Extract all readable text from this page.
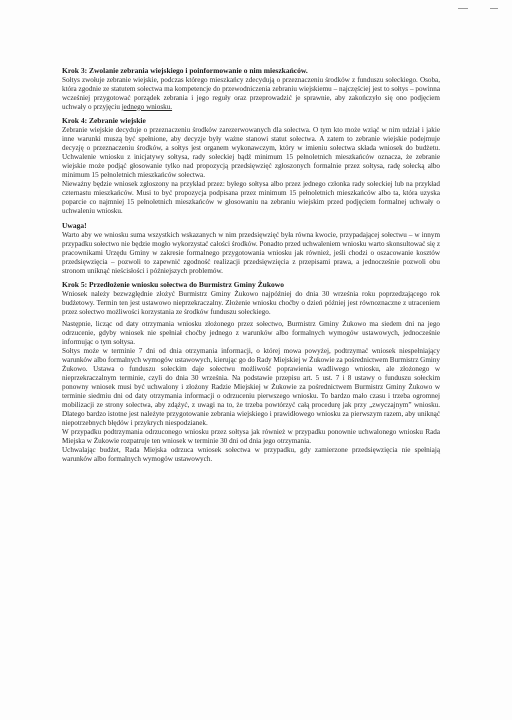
Krok 3: Zwolanie zebrania wiejskiego i poinformowanie o nim mieszkańców.

Sołtys zwołuje zebranie wiejskie, podczas którego mieszkańcy zdecydują o przeznaczeniu środków z funduszu sołeckiego. Osoba, która zgodnie ze statutem sołectwa ma kompetencje do przewodniczenia zebraniu wiejskiemu – najczęściej jest to sołtys – powinna wcześniej przygotować porządek zebrania i jego reguły oraz przeprowadzić je sprawnie, aby zakończyło się ono podjęciem uchwały o przyjęciu jednego wniosku.

Krok 4: Zebranie wiejskie

Zebranie wiejskie decyduje o przeznaczeniu środków zarezerwowanych dla sołectwa. O tym kto może wziąć w nim udział i jakie inne warunki muszą być spełnione, aby decyzje były ważne stanowi statut sołectwa. A zatem to zebranie wiejskie podejmuje decyzję o przeznaczeniu środków, a sołtys jest organem wykonawczym, który w imieniu sołectwa składa wniosek do budżetu. Uchwalenie wniosku z inicjatywy sołtysa, rady sołeckiej bądź minimum 15 pełnoletnich mieszkańców oznacza, że zebranie wiejskie może podjąć głosowanie tylko nad propozycją przedsięwzięć zgłoszonych formalnie przez sołtysa, radę sołecką albo minimum 15 pełnoletnich mieszkańców sołectwa.

Nieważny będzie wniosek zgłoszony na przykład przez: byłego sołtysa albo przez jednego członka rady sołeckiej lub na przykład czternastu mieszkańców. Musi to być propozycja podpisana przez minimum 15 pełnoletnich mieszkańców albo ta, która uzyska poparcie co najmniej 15 pełnoletnich mieszkańców w głosowaniu na zebraniu wiejskim przed podjęciem formalnej uchwały o uchwaleniu wniosku.

Uwaga!

Warto aby we wniosku suma wszystkich wskazanych w nim przedsięwzięć była równa kwocie, przypadającej sołectwu – w innym przypadku sołectwo nie będzie mogło wykorzystać całości środków. Ponadto przed uchwaleniem wniosku warto skonsultować się z pracownikami Urzędu Gminy w zakresie formalnego przygotowania wniosku jak również, jeśli chodzi o oszacowanie kosztów przedsięwzięcia – pozwoli to zapewnić zgodność realizacji przedsięwzięcia z przepisami prawa, a jednocześnie pozwoli obu stronom uniknąć nieścisłości i późniejszych problemów.

Krok 5: Przedłożenie wniosku sołectwa do Burmistrz Gminy Żukowo

Wniosek należy bezwzględnie złożyć Burmistrz Gminy Żukowo najpóźniej do dnia 30 września roku poprzedzającego rok budżetowy. Termin ten jest ustawowo nieprzekraczalny. Złożenie wniosku choćby o dzień później jest równoznaczne z utraceniem przez sołectwo możliwości korzystania ze środków funduszu sołeckiego.

Następnie, licząc od daty otrzymania wniosku złożonego przez sołectwo, Burmistrz Gminy Żukowo ma siedem dni na jego odrzucenie, gdyby wniosek nie spełniał choćby jednego z warunków albo formalnych wymogów ustawowych, jednocześnie informując o tym sołtysa.

Sołtys może w terminie 7 dni od dnia otrzymania informacji, o której mowa powyżej, podtrzymać wniosek niespełniający warunków albo formalnych wymogów ustawowych, kierując go do Rady Miejskiej w Żukowie za pośrednictwem Burmistrz Gminy Żukowo. Ustawa o funduszu sołeckim daje sołectwu możliwość poprawienia wadliwego wniosku, ale złożonego w nieprzekraczalnym terminie, czyli do dnia 30 września. Na podstawie przepisu art. 5 ust. 7 i 8 ustawy o funduszu sołeckim ponowny wniosek musi być uchwalony i złożony Radzie Miejskiej w Żukowie za pośrednictwem Burmistrz Gminy Żukowo w terminie siedmiu dni od daty otrzymania informacji o odrzuceniu pierwszego wniosku. To bardzo mało czasu i trzeba ogromnej mobilizacji ze strony sołectwa, aby zdążyć, z uwagi na to, że trzeba powtórzyć całą procedurę jak przy „zwyczajnym” wniosku. Dlatego bardzo istotne jest należyte przygotowanie zebrania wiejskiego i prawidłowego wniosku za pierwszym razem, aby uniknąć niepotrzebnych błędów i przykrych niespodzianek.

W przypadku podtrzymania odrzuconego wniosku przez sołtysa jak również w przypadku ponownie uchwalonego wniosku Rada Miejska w Żukowie rozpatruje ten wniosek w terminie 30 dni od dnia jego otrzymania.

Uchwalając budżet, Rada Miejska odrzuca wniosek sołectwa w przypadku, gdy zamierzone przedsięwzięcia nie spełniają warunków albo formalnych wymogów ustawowych.
